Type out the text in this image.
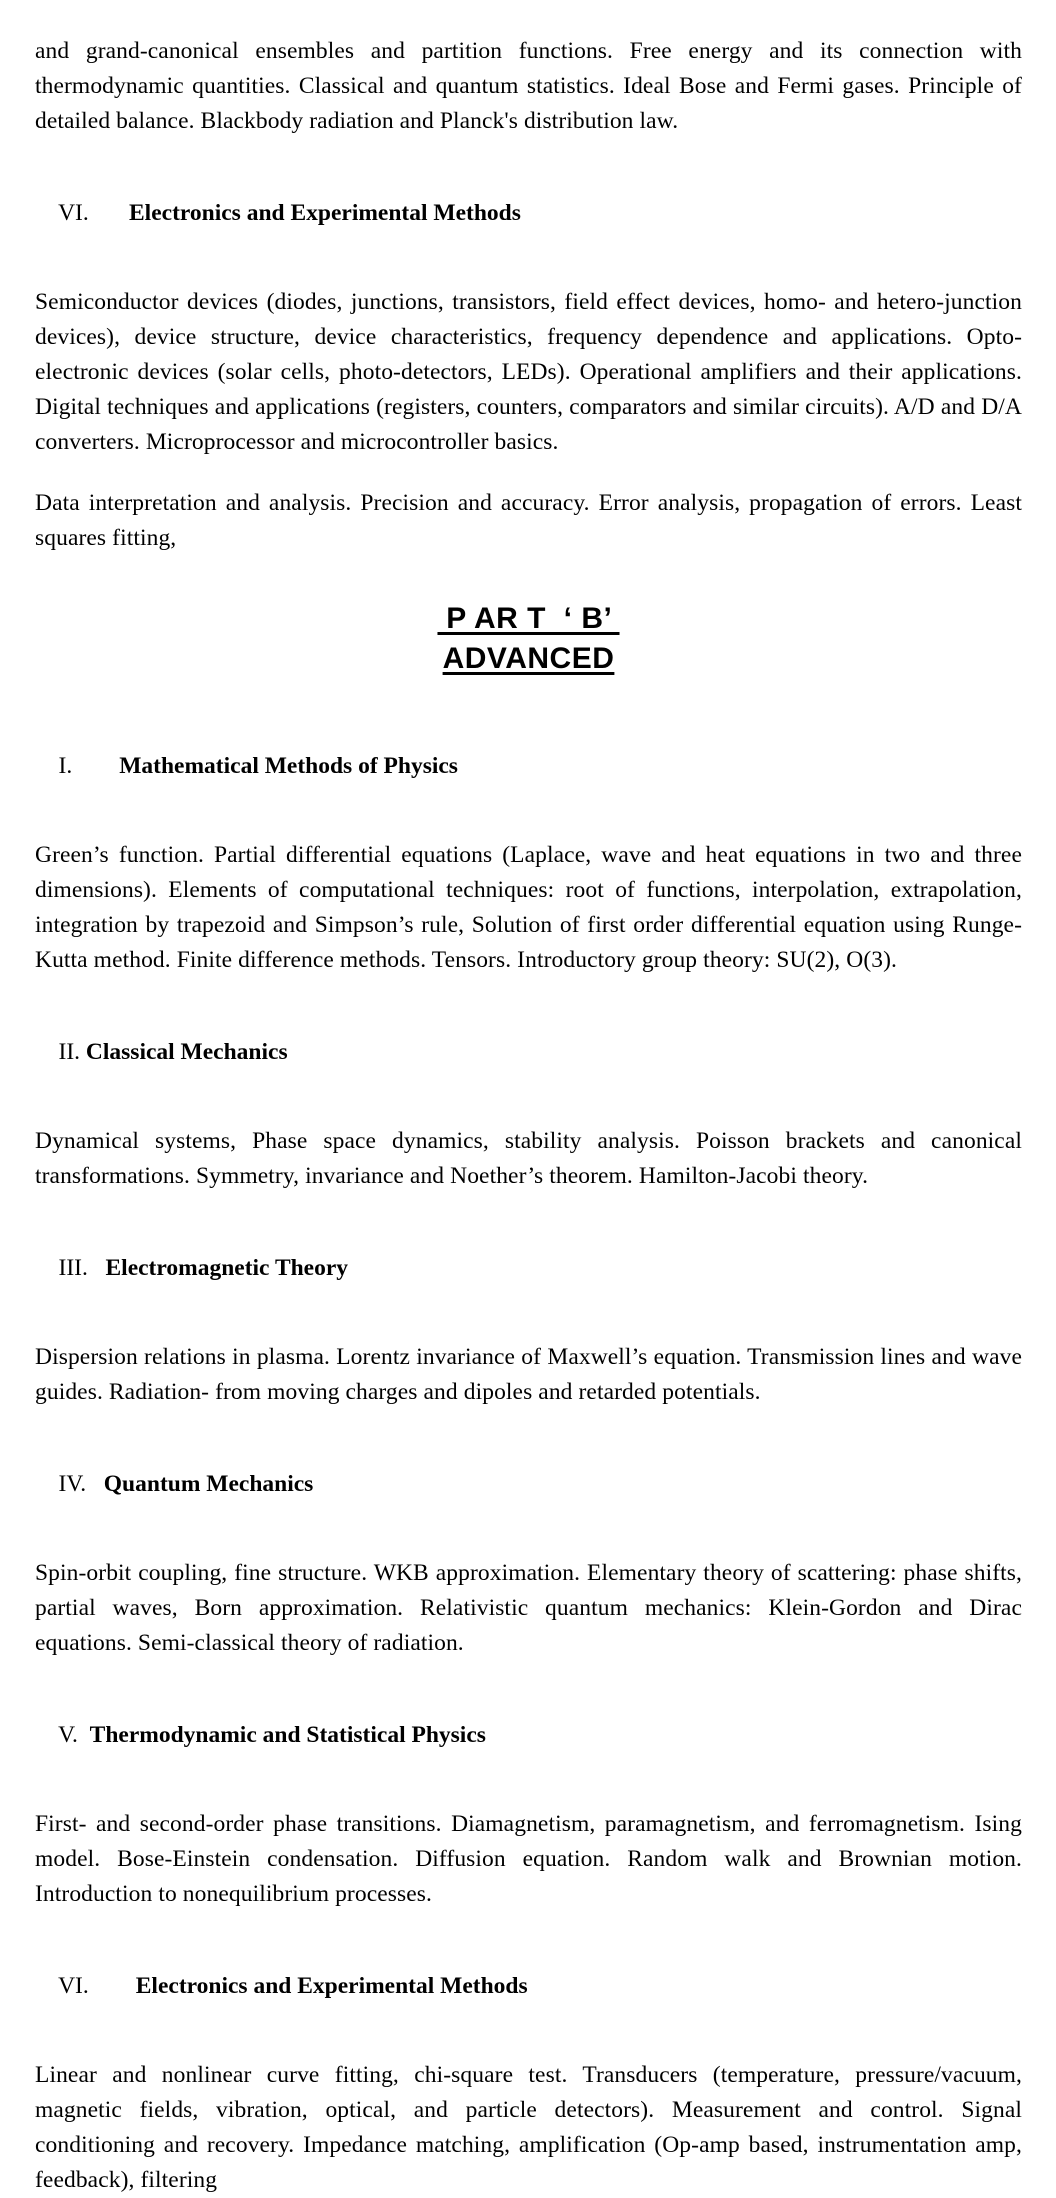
and grand-canonical ensembles and partition functions. Free energy and its connection with thermodynamic quantities. Classical and quantum statistics. Ideal Bose and Fermi gases. Principle of detailed balance. Blackbody radiation and Planck's distribution law.

VI.	Electronics and Experimental Methods

Semiconductor devices (diodes, junctions, transistors, field effect devices, homo- and hetero-junction devices), device structure, device characteristics, frequency dependence and applications. Opto-electronic devices (solar cells, photo-detectors, LEDs). Operational amplifiers and their applications. Digital techniques and applications (registers, counters, comparators and similar circuits). A/D and D/A converters. Microprocessor and microcontroller basics.

Data interpretation and analysis. Precision and accuracy. Error analysis, propagation of errors. Least squares fitting,

P AR T  ‘ B’
ADVANCED

I. Mathematical Methods of Physics

Green’s function. Partial differential equations (Laplace, wave and heat equations in two and three dimensions). Elements of computational techniques: root of functions, interpolation, extrapolation, integration by trapezoid and Simpson’s rule, Solution of first order differential equation using Runge-Kutta method. Finite difference methods. Tensors. Introductory group theory: SU(2), O(3).

II. Classical Mechanics

Dynamical systems, Phase space dynamics, stability analysis. Poisson brackets and canonical transformations. Symmetry, invariance and Noether’s theorem. Hamilton-Jacobi theory.

III. Electromagnetic Theory

Dispersion relations in plasma. Lorentz invariance of Maxwell’s equation. Transmission lines and wave guides. Radiation- from moving charges and dipoles and retarded potentials.

IV. Quantum Mechanics

Spin-orbit coupling, fine structure. WKB approximation. Elementary theory of scattering: phase shifts, partial waves, Born approximation. Relativistic quantum mechanics: Klein-Gordon and Dirac equations. Semi-classical theory of radiation.

V. Thermodynamic and Statistical Physics

First- and second-order phase transitions. Diamagnetism, paramagnetism, and ferromagnetism. Ising model. Bose-Einstein condensation. Diffusion equation. Random walk and Brownian motion. Introduction to nonequilibrium processes.

VI. Electronics and Experimental Methods

Linear and nonlinear curve fitting, chi-square test. Transducers (temperature, pressure/vacuum, magnetic fields, vibration, optical, and particle detectors). Measurement and control. Signal conditioning and recovery. Impedance matching, amplification (Op-amp based, instrumentation amp, feedback), filtering
